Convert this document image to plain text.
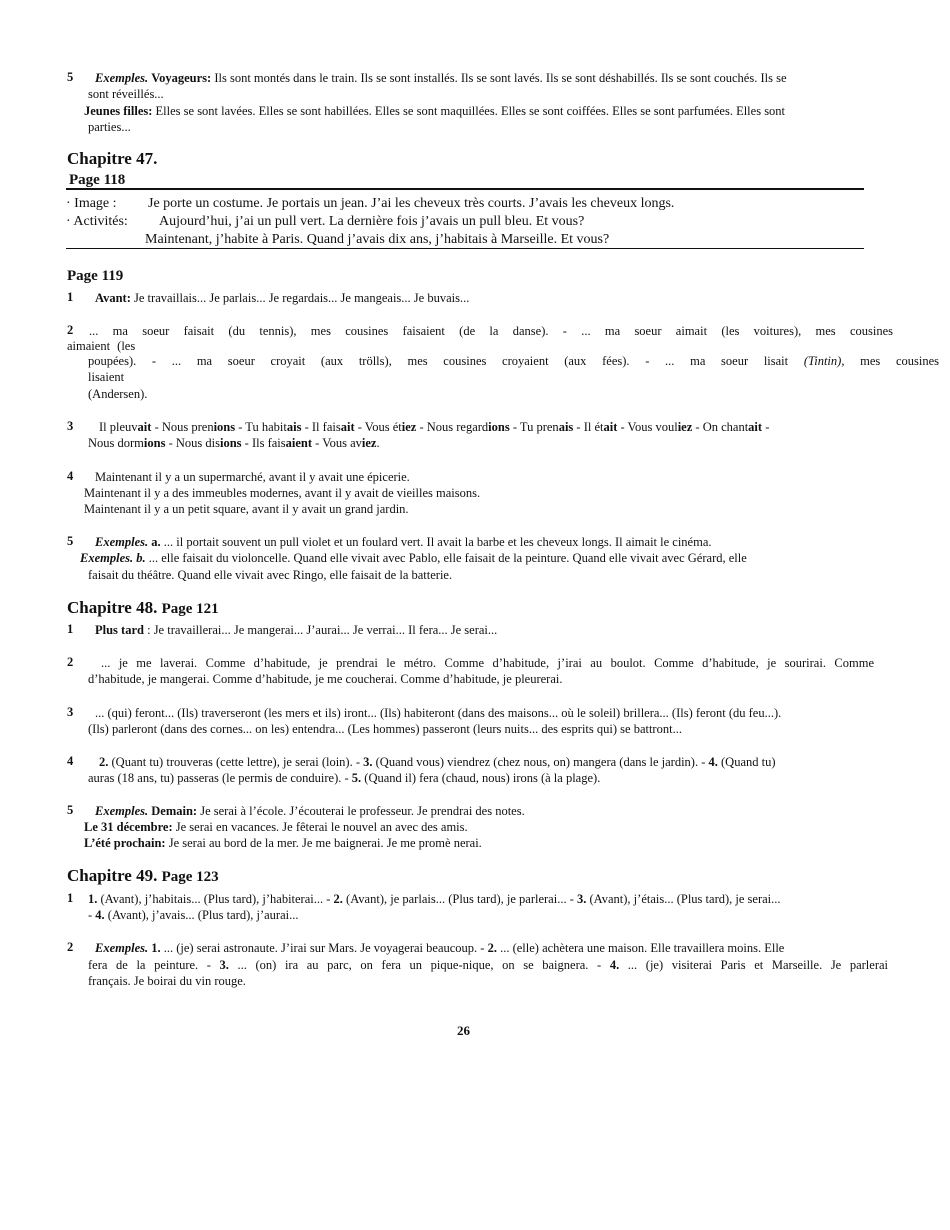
5 Exemples. Voyageurs: Ils sont montés dans le train. Ils se sont installés. Ils se sont lavés. Ils se sont déshabillés. Ils se sont couchés. Ils se
sont réveillés...
Jeunes filles: Elles se sont lavées. Elles se sont habillées. Elles se sont maquillées. Elles se sont coiffées. Elles se sont parfumées. Elles sont
parties...
Chapitre 47.
Page 118
· Image : Je porte un costume. Je portais un jean. J’ai les cheveux très courts. J’avais les cheveux longs.
· Activités: Aujourd’hui, j’ai un pull vert. La dernière fois j’avais un pull bleu. Et vous?
Maintenant, j’habite à Paris. Quand j’avais dix ans, j’habitais à Marseille. Et vous?
Page 119
1 Avant: Je travaillais... Je parlais... Je regardais... Je mangeais... Je buvais...
2 ... ma soeur faisait (du tennis), mes cousines faisaient (de la danse). - ... ma soeur aimait (les voitures), mes cousines
aimaient (les
poupées). - ... ma soeur croyait (aux trölls), mes cousines croyaient (aux fées). - ... ma soeur lisait (Tintin), mes cousines
lisaient
(Andersen).
3 Il pleuvait - Nous prenions - Tu habitais - Il faisait - Vous étiez - Nous regardions - Tu prenais - Il était - Vous vouliez - On chantait -
Nous dormions - Nous disions - Ils faisaient - Vous aviez.
4 Maintenant il y a un supermarché, avant il y avait une épicerie.
Maintenant il y a des immeubles modernes, avant il y avait de vieilles maisons.
Maintenant il y a un petit square, avant il y avait un grand jardin.
5 Exemples. a. ... il portait souvent un pull violet et un foulard vert. Il avait la barbe et les cheveux longs. Il aimait le cinéma.
Exemples. b. ... elle faisait du violoncelle. Quand elle vivait avec Pablo, elle faisait de la peinture. Quand elle vivait avec Gérard, elle
faisait du théâtre. Quand elle vivait avec Ringo, elle faisait de la batterie.
Chapitre 48. Page 121
1 Plus tard : Je travaillerai... Je mangerai... J’aurai... Je verrai... Il fera... Je serai...
2 ... je me laverai. Comme d’habitude, je prendrai le métro. Comme d’habitude, j’irai au boulot. Comme d’habitude, je sourirai. Comme
d’habitude, je mangerai. Comme d’habitude, je me coucherai. Comme d’habitude, je pleurerai.
3 ... (qui) feront... (Ils) traverseront (les mers et ils) iront... (Ils) habiteront (dans des maisons... où le soleil) brillera... (Ils) feront (du feu...).
(Ils) parleront (dans des cornes... on les) entendra... (Les hommes) passeront (leurs nuits... des esprits qui) se battront...
4 2. (Quant tu) trouveras (cette lettre), je serai (loin). - 3. (Quand vous) viendrez (chez nous, on) mangera (dans le jardin). - 4. (Quand tu)
auras (18 ans, tu) passeras (le permis de conduire). - 5. (Quand il) fera (chaud, nous) irons (à la plage).
5 Exemples. Demain: Je serai à l’école. J’écouterai le professeur. Je prendrai des notes.
Le 31 décembre: Je serai en vacances. Je fêterai le nouvel an avec des amis.
L’été prochain: Je serai au bord de la mer. Je me baignerai. Je me promè nerai.
Chapitre 49. Page 123
1 1. (Avant), j’habitais... (Plus tard), j’habiterai... - 2. (Avant), je parlais... (Plus tard), je parlerai... - 3. (Avant), j’étais... (Plus tard), je serai...
- 4. (Avant), j’avais... (Plus tard), j’aurai...
2 Exemples. 1. ... (je) serai astronaute. J’irai sur Mars. Je voyagerai beaucoup. - 2. ... (elle) achètera une maison. Elle travaillera moins. Elle
fera de la peinture. - 3. ... (on) ira au parc, on fera un pique-nique, on se baignera. - 4. ... (je) visiterai Paris et Marseille. Je parlerai
français. Je boirai du vin rouge.
26
